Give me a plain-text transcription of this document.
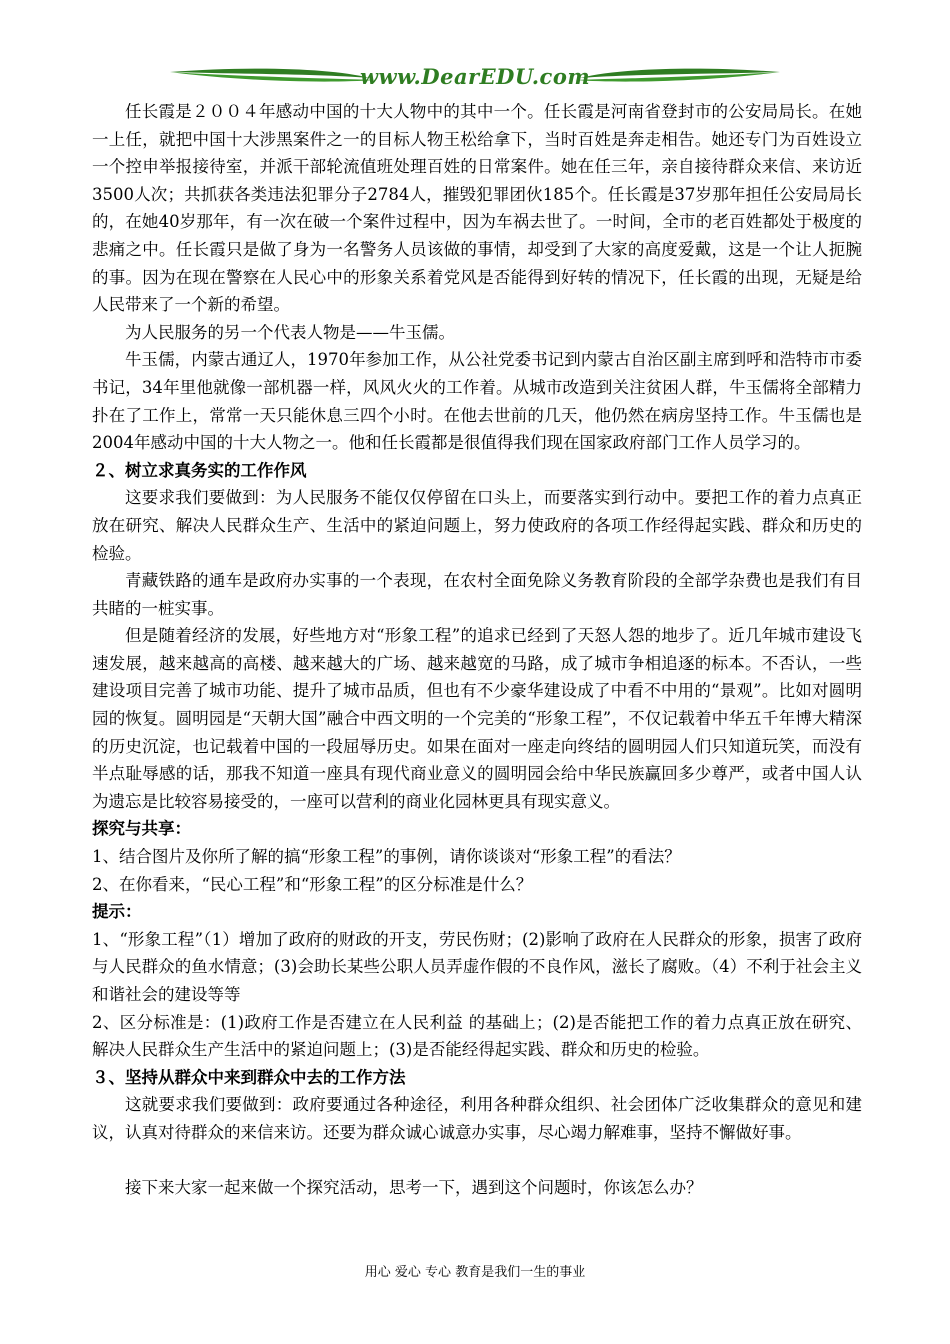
www.DearEDU.com

任长霞是２００４年感动中国的十大人物中的其中一个。任长霞是河南省登封市的公安局局长。在她一上任，就把中国十大涉黑案件之一的目标人物王松给拿下，当时百姓是奔走相告。她还专门为百姓设立一个控申举报接待室，并派干部轮流值班处理百姓的日常案件。她在任三年，亲自接待群众来信、来访近3500人次；共抓获各类违法犯罪分子2784人，摧毁犯罪团伙185个。任长霞是37岁那年担任公安局局长的，在她40岁那年，有一次在破一个案件过程中，因为车祸去世了。一时间，全市的老百姓都处于极度的悲痛之中。任长霞只是做了身为一名警务人员该做的事情，却受到了大家的高度爱戴，这是一个让人扼腕的事。因为在现在警察在人民心中的形象关系着党风是否能得到好转的情况下，任长霞的出现，无疑是给人民带来了一个新的希望。

为人民服务的另一个代表人物是——牛玉儒。

牛玉儒，内蒙古通辽人，1970年参加工作，从公社党委书记到内蒙古自治区副主席到呼和浩特市市委书记，34年里他就像一部机器一样，风风火火的工作着。从城市改造到关注贫困人群，牛玉儒将全部精力扑在了工作上，常常一天只能休息三四个小时。在他去世前的几天，他仍然在病房坚持工作。牛玉儒也是2004年感动中国的十大人物之一。他和任长霞都是很值得我们现在国家政府部门工作人员学习的。

２、树立求真务实的工作作风

这要求我们要做到：为人民服务不能仅仅停留在口头上，而要落实到行动中。要把工作的着力点真正放在研究、解决人民群众生产、生活中的紧迫问题上，努力使政府的各项工作经得起实践、群众和历史的检验。

青藏铁路的通车是政府办实事的一个表现，在农村全面免除义务教育阶段的全部学杂费也是我们有目共睹的一桩实事。

但是随着经济的发展，好些地方对“形象工程”的追求已经到了天怒人怨的地步了。近几年城市建设飞速发展，越来越高的高楼、越来越大的广场、越来越宽的马路，成了城市争相追逐的标本。不否认，一些建设项目完善了城市功能、提升了城市品质，但也有不少豪华建设成了中看不中用的“景观”。比如对圆明园的恢复。圆明园是“天朝大国”融合中西文明的一个完美的“形象工程”，不仅记载着中华五千年博大精深的历史沉淀，也记载着中国的一段屈辱历史。如果在面对一座走向终结的圆明园人们只知道玩笑，而没有半点耻辱感的话，那我不知道一座具有现代商业意义的圆明园会给中华民族赢回多少尊严，或者中国人认为遗忘是比较容易接受的，一座可以营利的商业化园林更具有现实意义。

探究与共享：

1、结合图片及你所了解的搞“形象工程”的事例，请你谈谈对“形象工程”的看法？

2、在你看来，“民心工程”和“形象工程”的区分标准是什么？

提示：

1、“形象工程”（1）增加了政府的财政的开支，劳民伤财；(2)影响了政府在人民群众的形象，损害了政府与人民群众的鱼水情意；(3)会助长某些公职人员弄虚作假的不良作风，滋长了腐败。（4）不利于社会主义和谐社会的建设等等

2、区分标准是：(1)政府工作是否建立在人民利益 的基础上；(2)是否能把工作的着力点真正放在研究、解决人民群众生产生活中的紧迫问题上；(3)是否能经得起实践、群众和历史的检验。

３、坚持从群众中来到群众中去的工作方法

这就要求我们要做到：政府要通过各种途径，利用各种群众组织、社会团体广泛收集群众的意见和建议，认真对待群众的来信来访。还要为群众诚心诚意办实事，尽心竭力解难事，坚持不懈做好事。

接下来大家一起来做一个探究活动，思考一下，遇到这个问题时，你该怎么办？

用心 爱心 专心 教育是我们一生的事业
